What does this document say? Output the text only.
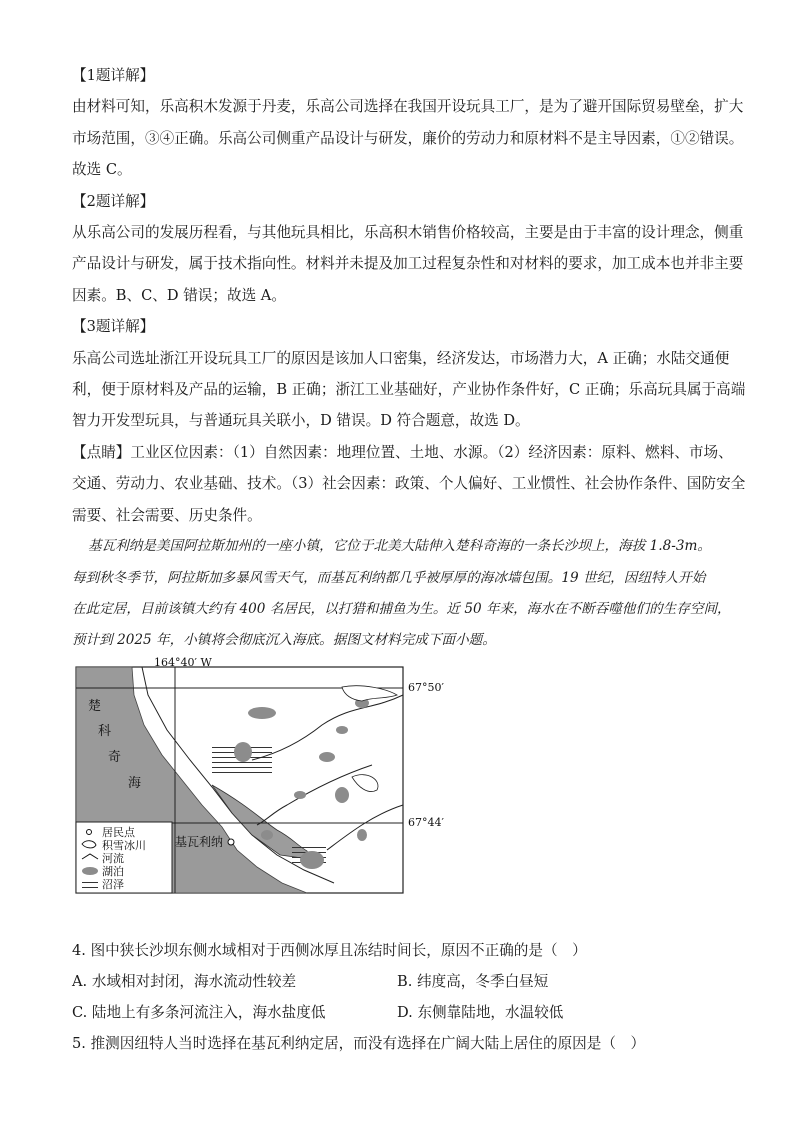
【1题详解】
由材料可知，乐高积木发源于丹麦，乐高公司选择在我国开设玩具工厂，是为了避开国际贸易壁垒，扩大
市场范围，③④正确。乐高公司侧重产品设计与研发，廉价的劳动力和原材料不是主导因素，①②错误。
故选 C。
【2题详解】
从乐高公司的发展历程看，与其他玩具相比，乐高积木销售价格较高，主要是由于丰富的设计理念，侧重
产品设计与研发，属于技术指向性。材料并未提及加工过程复杂性和对材料的要求，加工成本也并非主要
因素。B、C、D 错误；故选 A。
【3题详解】
乐高公司选址浙江开设玩具工厂的原因是该加人口密集，经济发达，市场潜力大，A 正确；水陆交通便
利，便于原材料及产品的运输，B 正确；浙江工业基础好，产业协作条件好，C 正确；乐高玩具属于高端
智力开发型玩具，与普通玩具关联小，D 错误。D 符合题意，故选 D。
【点睛】工业区位因素：（1）自然因素：地理位置、土地、水源。（2）经济因素：原料、燃料、市场、
交通、劳动力、农业基础、技术。（3）社会因素：政策、个人偏好、工业惯性、社会协作条件、国防安全
需要、社会需要、历史条件。
基瓦利纳是美国阿拉斯加州的一座小镇，它位于北美大陆伸入楚科奇海的一条长沙坝上，海拔 1.8-3m。
每到秋冬季节，阿拉斯加多暴风雪天气，而基瓦利纳都几乎被厚厚的海冰墙包围。19 世纪，因纽特人开始
在此定居，目前该镇大约有 400 名居民，以打猎和捕鱼为生。近 50 年来，海水在不断吞噬他们的生存空间，
预计到 2025 年，小镇将会彻底沉入海底。据图文材料完成下面小题。
164°40′ W
67°50′
67°44′
楚
科
奇
海
基瓦利纳
居民点
积雪冰川
河流
湖泊
沼泽
4. 图中狭长沙坝东侧水域相对于西侧冰厚且冻结时间长，原因不正确的是（　）
A. 水域相对封闭，海水流动性较差	B. 纬度高，冬季白昼短
C. 陆地上有多条河流注入，海水盐度低	D. 东侧靠陆地，水温较低
5. 推测因纽特人当时选择在基瓦利纳定居，而没有选择在广阔大陆上居住的原因是（　）
